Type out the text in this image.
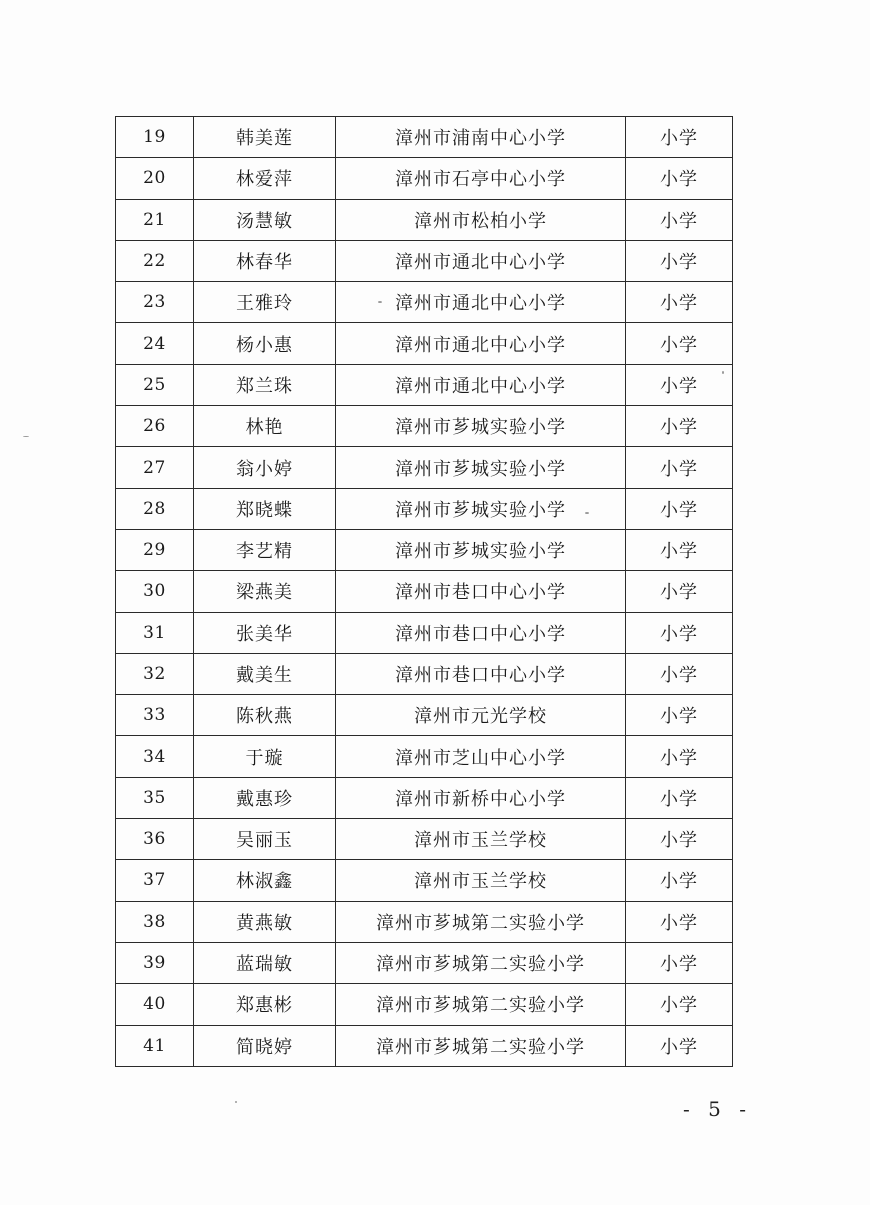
19	韩美莲	漳州市浦南中心小学	小学
20	林爱萍	漳州市石亭中心小学	小学
21	汤慧敏	漳州市松柏小学	小学
22	林春华	漳州市通北中心小学	小学
23	王雅玲	漳州市通北中心小学	小学
24	杨小惠	漳州市通北中心小学	小学
25	郑兰珠	漳州市通北中心小学	小学
26	林艳	漳州市芗城实验小学	小学
27	翁小婷	漳州市芗城实验小学	小学
28	郑晓蝶	漳州市芗城实验小学	小学
29	李艺精	漳州市芗城实验小学	小学
30	梁燕美	漳州市巷口中心小学	小学
31	张美华	漳州市巷口中心小学	小学
32	戴美生	漳州市巷口中心小学	小学
33	陈秋燕	漳州市元光学校	小学
34	于璇	漳州市芝山中心小学	小学
35	戴惠珍	漳州市新桥中心小学	小学
36	吴丽玉	漳州市玉兰学校	小学
37	林淑鑫	漳州市玉兰学校	小学
38	黄燕敏	漳州市芗城第二实验小学	小学
39	蓝瑞敏	漳州市芗城第二实验小学	小学
40	郑惠彬	漳州市芗城第二实验小学	小学
41	简晓婷	漳州市芗城第二实验小学	小学
- 5 -
